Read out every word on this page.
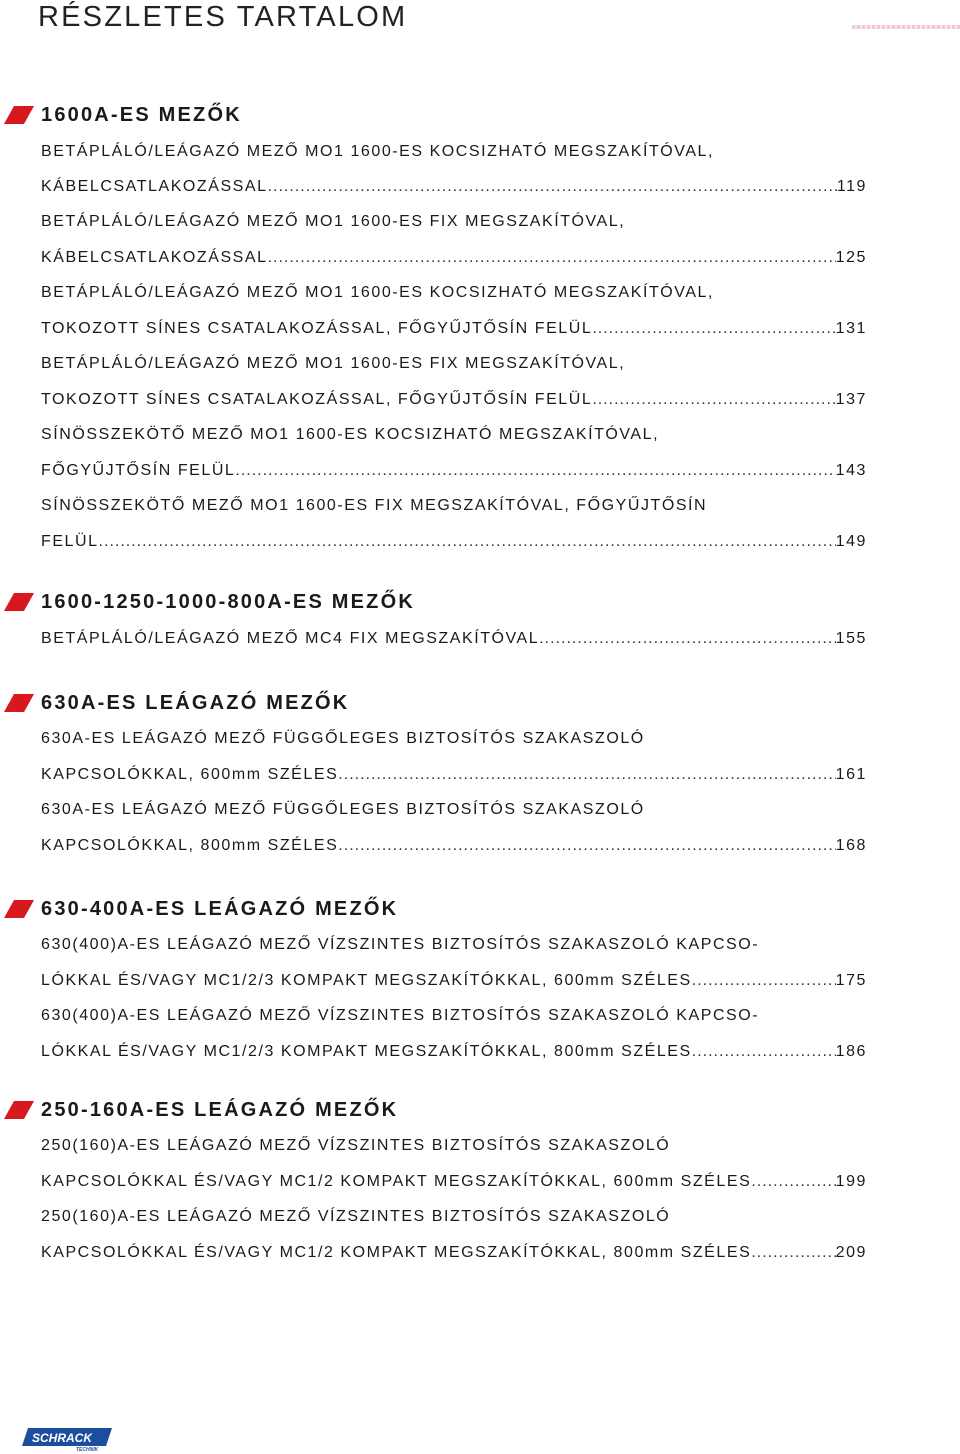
RÉSZLETES TARTALOM
1600A-ES MEZŐK
BETÁPLÁLÓ/LEÁGAZÓ MEZŐ MO1 1600-ES KOCSIZHATÓ MEGSZAKÍTÓVAL,
KÁBELCSATLAKOZÁSSAL .....	119
BETÁPLÁLÓ/LEÁGAZÓ MEZŐ MO1 1600-ES FIX MEGSZAKÍTÓVAL,
KÁBELCSATLAKOZÁSSAL .....	125
BETÁPLÁLÓ/LEÁGAZÓ MEZŐ MO1 1600-ES KOCSIZHATÓ MEGSZAKÍTÓVAL,
TOKOZOTT SÍNES CSATALAKOZÁSSAL, FŐGYŰJTŐSÍN FELÜL .....	131
BETÁPLÁLÓ/LEÁGAZÓ MEZŐ MO1 1600-ES FIX MEGSZAKÍTÓVAL,
TOKOZOTT SÍNES CSATALAKOZÁSSAL, FŐGYŰJTŐSÍN FELÜL .....	137
SÍNÖSSZEKÖTŐ MEZŐ MO1 1600-ES KOCSIZHATÓ MEGSZAKÍTÓVAL,
FŐGYŰJTŐSÍN FELÜL .....	143
SÍNÖSSZEKÖTŐ MEZŐ MO1 1600-ES FIX MEGSZAKÍTÓVAL, FŐGYŰJTŐSÍN
FELÜL .....	149
1600-1250-1000-800A-ES MEZŐK
BETÁPLÁLÓ/LEÁGAZÓ MEZŐ MC4 FIX MEGSZAKÍTÓVAL .....	155
630A-ES LEÁGAZÓ MEZŐK
630A-ES LEÁGAZÓ MEZŐ FÜGGŐLEGES BIZTOSÍTÓS SZAKASZOLÓ
KAPCSOLÓKKAL, 600mm SZÉLES .....	161
630A-ES LEÁGAZÓ MEZŐ FÜGGŐLEGES BIZTOSÍTÓS SZAKASZOLÓ
KAPCSOLÓKKAL, 800mm SZÉLES .....	168
630-400A-ES LEÁGAZÓ MEZŐK
630(400)A-ES LEÁGAZÓ MEZŐ VÍZSZINTES BIZTOSÍTÓS SZAKASZOLÓ KAPCSO-
LÓKKAL ÉS/VAGY MC1/2/3 KOMPAKT MEGSZAKÍTÓKKAL, 600mm SZÉLES .....	175
630(400)A-ES LEÁGAZÓ MEZŐ VÍZSZINTES BIZTOSÍTÓS SZAKASZOLÓ KAPCSO-
LÓKKAL ÉS/VAGY MC1/2/3 KOMPAKT MEGSZAKÍTÓKKAL, 800mm SZÉLES .....	186
250-160A-ES LEÁGAZÓ MEZŐK
250(160)A-ES LEÁGAZÓ MEZŐ VÍZSZINTES BIZTOSÍTÓS SZAKASZOLÓ
KAPCSOLÓKKAL ÉS/VAGY MC1/2 KOMPAKT MEGSZAKÍTÓKKAL, 600mm SZÉLES .....	199
250(160)A-ES LEÁGAZÓ MEZŐ VÍZSZINTES BIZTOSÍTÓS SZAKASZOLÓ
KAPCSOLÓKKAL ÉS/VAGY MC1/2 KOMPAKT MEGSZAKÍTÓKKAL, 800mm SZÉLES .....	209
SCHRACK
TECHNIK
